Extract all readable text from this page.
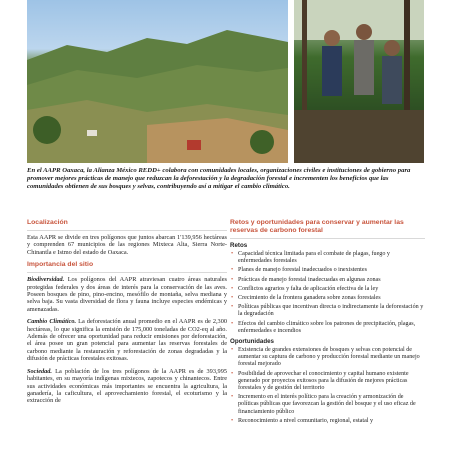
En el AAPR Oaxaca, la Alianza México REDD+ colabora con comunidades locales, organizaciones civiles e instituciones de gobierno para promover mejores prácticas de manejo que reduzcan la deforestación y la degradación forestal e incrementen los beneficios que las comunidades obtienen de sus bosques y selvas, contribuyendo así a mitigar el cambio climático.

Localización

Esta AAPR se divide en tres polígonos que juntos abarcan 1'139,956 hectáreas y comprenden 67 municipios de las regiones Mixteca Alta, Sierra Norte-Chinantla e Istmo del estado de Oaxaca.

Importancia del sitio

Biodiversidad. Los polígonos del AAPR atraviesan cuatro áreas naturales protegidas federales y dos áreas de interés para la conservación de las aves. Poseen bosques de pino, pino-encino, mesófilo de montaña, selva mediana y selva baja. Su vasta diversidad de flora y fauna incluye especies endémicas y amenazadas.

Cambio Climático. La deforestación anual promedio en el AAPR es de 2,300 hectáreas, lo que significa la emisión de 175,000 toneladas de CO2-eq al año. Además de ofrecer una oportunidad para reducir emisiones por deforestación, el área posee un gran potencial para aumentar las reservas forestales de carbono mediante la restauración y reforestación de zonas degradadas y la difusión de prácticas forestales exitosas.

Sociedad. La población de los tres polígonos de la AAPR es de 393,995 habitantes, en su mayoría indígenas mixtecos, zapotecos y chinantecos. Entre sus actividades económicas más importantes se encuentra la agricultura, la ganadería, la caficultura, el aprovechamiento forestal, el ecoturismo y la extracción de

Retos y oportunidades para conservar y aumentar las reservas de carbono forestal
Retos
• Capacidad técnica limitada para el combate de plagas, fuego y enfermedades forestales
• Planes de manejo forestal inadecuados o inexistentes
• Prácticas de manejo forestal inadecuadas en algunas zonas
• Conflictos agrarios y falta de aplicación efectiva de la ley
• Crecimiento de la frontera ganadera sobre zonas forestales
• Políticas públicas que incentivan directa o indirectamente la deforestación y la degradación
• Efectos del cambio climático sobre los patrones de precipitación, plagas, enfermedades e incendios
Oportunidades
• Existencia de grandes extensiones de bosques y selvas con potencial de aumentar su captura de carbono y producción forestal mediante un manejo forestal mejorado
• Posibilidad de aprovechar el conocimiento y capital humano existente generado por proyectos exitosos para la difusión de mejores prácticas forestales y de gestión del territorio
• Incremento en el interés político para la creación y armonización de políticas públicas que favorezcan la gestión del bosque y el uso eficaz de financiamiento público
• Reconocimiento a nivel comunitario, regional, estatal y
